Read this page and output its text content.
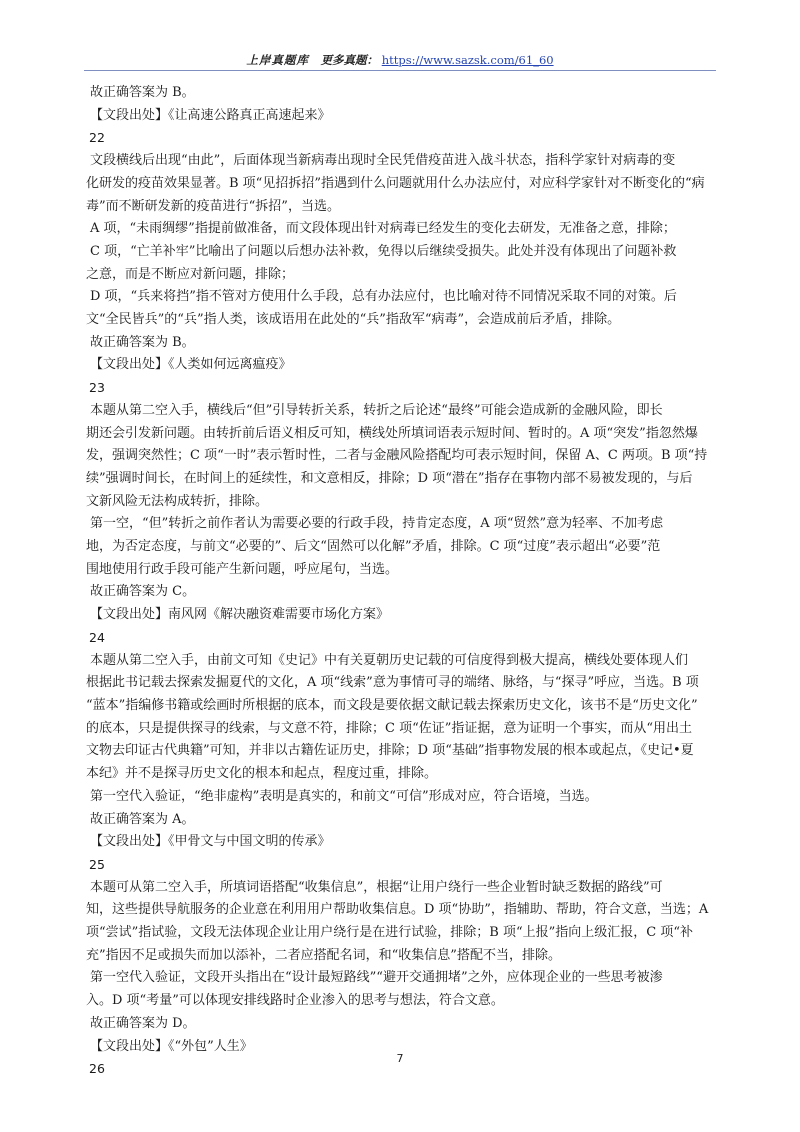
上岸真题库 更多真题： https://www.sazsk.com/61_60
故正确答案为 B。
【文段出处】《让高速公路真正高速起来》
22
文段横线后出现“由此”，后面体现当新病毒出现时全民凭借疫苗进入战斗状态，指科学家针对病毒的变
化研发的疫苗效果显著。B 项“见招拆招”指遇到什么问题就用什么办法应付，对应科学家针对不断变化的“病
毒”而不断研发新的疫苗进行“拆招”，当选。
A 项，“未雨绸缪”指提前做准备，而文段体现出针对病毒已经发生的变化去研发，无准备之意，排除；
C 项，“亡羊补牢”比喻出了问题以后想办法补救，免得以后继续受损失。此处并没有体现出了问题补救
之意，而是不断应对新问题，排除；
D 项，“兵来将挡”指不管对方使用什么手段，总有办法应付，也比喻对待不同情况采取不同的对策。后
文“全民皆兵”的“兵”指人类，该成语用在此处的“兵”指敌军“病毒”，会造成前后矛盾，排除。
故正确答案为 B。
【文段出处】《人类如何远离瘟疫》
23
本题从第二空入手，横线后“但”引导转折关系，转折之后论述“最终”可能会造成新的金融风险，即长
期还会引发新问题。由转折前后语义相反可知，横线处所填词语表示短时间、暂时的。A 项“突发”指忽然爆
发，强调突然性；C 项“一时”表示暂时性，二者与金融风险搭配均可表示短时间，保留 A、C 两项。B 项“持
续”强调时间长，在时间上的延续性，和文意相反，排除；D 项“潜在”指存在事物内部不易被发现的，与后
文新风险无法构成转折，排除。
第一空，“但”转折之前作者认为需要必要的行政手段，持肯定态度，A 项“贸然”意为轻率、不加考虑
地，为否定态度，与前文“必要的”、后文“固然可以化解”矛盾，排除。C 项“过度”表示超出“必要”范
围地使用行政手段可能产生新问题，呼应尾句，当选。
故正确答案为 C。
【文段出处】南风网《解决融资难需要市场化方案》
24
本题从第二空入手，由前文可知《史记》中有关夏朝历史记载的可信度得到极大提高，横线处要体现人们
根据此书记载去探索发掘夏代的文化，A 项“线索”意为事情可寻的端绪、脉络，与“探寻”呼应，当选。B 项
“蓝本”指编修书籍或绘画时所根据的底本，而文段是要依据文献记载去探索历史文化，该书不是“历史文化”
的底本，只是提供探寻的线索，与文意不符，排除；C 项“佐证”指证据，意为证明一个事实，而从“用出土
文物去印证古代典籍”可知，并非以古籍佐证历史，排除；D 项“基础”指事物发展的根本或起点，《史记•夏
本纪》并不是探寻历史文化的根本和起点，程度过重，排除。
第一空代入验证，“绝非虚构”表明是真实的，和前文“可信”形成对应，符合语境，当选。
故正确答案为 A。
【文段出处】《甲骨文与中国文明的传承》
25
本题可从第二空入手，所填词语搭配“收集信息”，根据“让用户绕行一些企业暂时缺乏数据的路线”可
知，这些提供导航服务的企业意在利用用户帮助收集信息。D 项“协助”，指辅助、帮助，符合文意，当选；A
项“尝试”指试验，文段无法体现企业让用户绕行是在进行试验，排除；B 项“上报”指向上级汇报，C 项“补
充”指因不足或损失而加以添补，二者应搭配名词，和“收集信息”搭配不当，排除。
第一空代入验证，文段开头指出在“设计最短路线”“避开交通拥堵”之外，应体现企业的一些思考被渗
入。D 项“考量”可以体现安排线路时企业渗入的思考与想法，符合文意。
故正确答案为 D。
【文段出处】《“外包”人生》
26
7
